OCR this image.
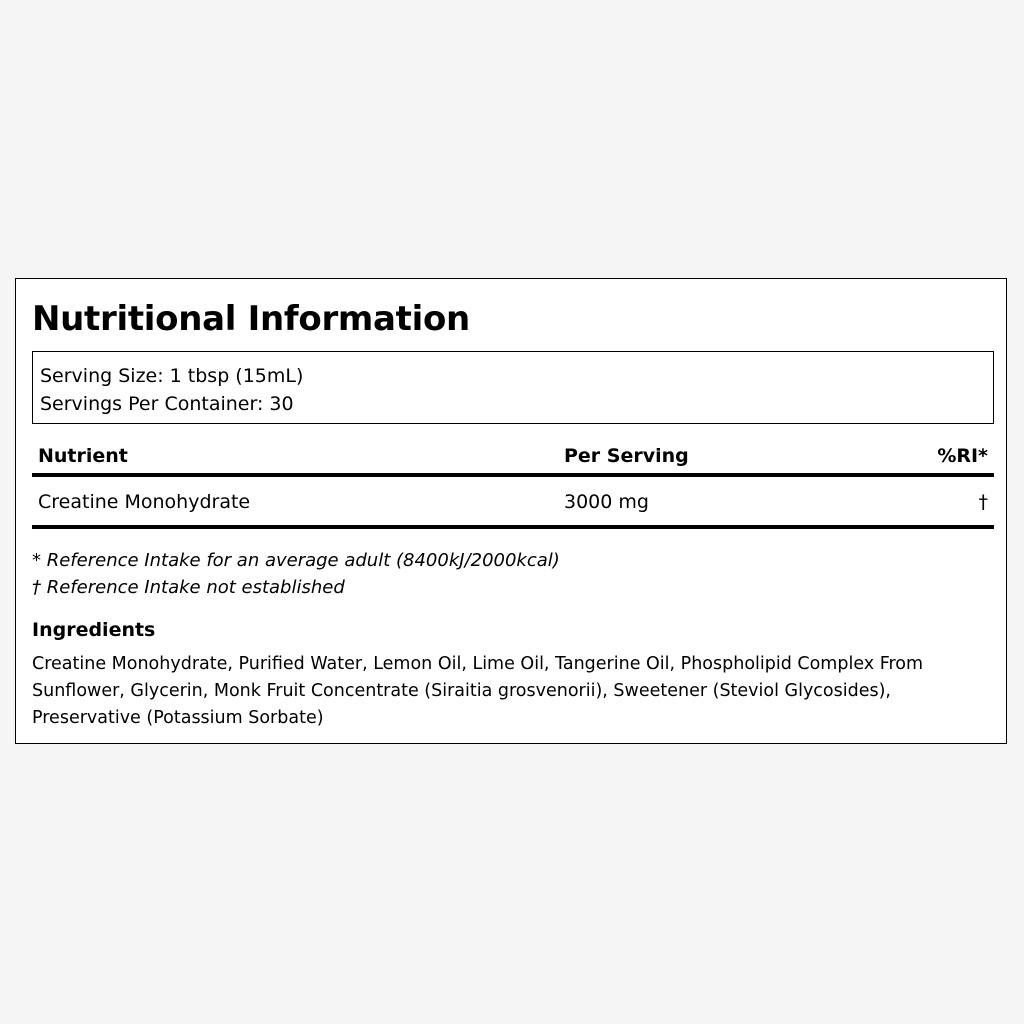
Nutritional Information
Serving Size: 1 tbsp (15mL)
Servings Per Container: 30
Nutrient	Per Serving	%RI*
Creatine Monohydrate	3000 mg	†
* Reference Intake for an average adult (8400kJ/2000kcal)
† Reference Intake not established
Ingredients
Creatine Monohydrate, Purified Water, Lemon Oil, Lime Oil, Tangerine Oil, Phospholipid Complex From Sunflower, Glycerin, Monk Fruit Concentrate (Siraitia grosvenorii), Sweetener (Steviol Glycosides), Preservative (Potassium Sorbate)
